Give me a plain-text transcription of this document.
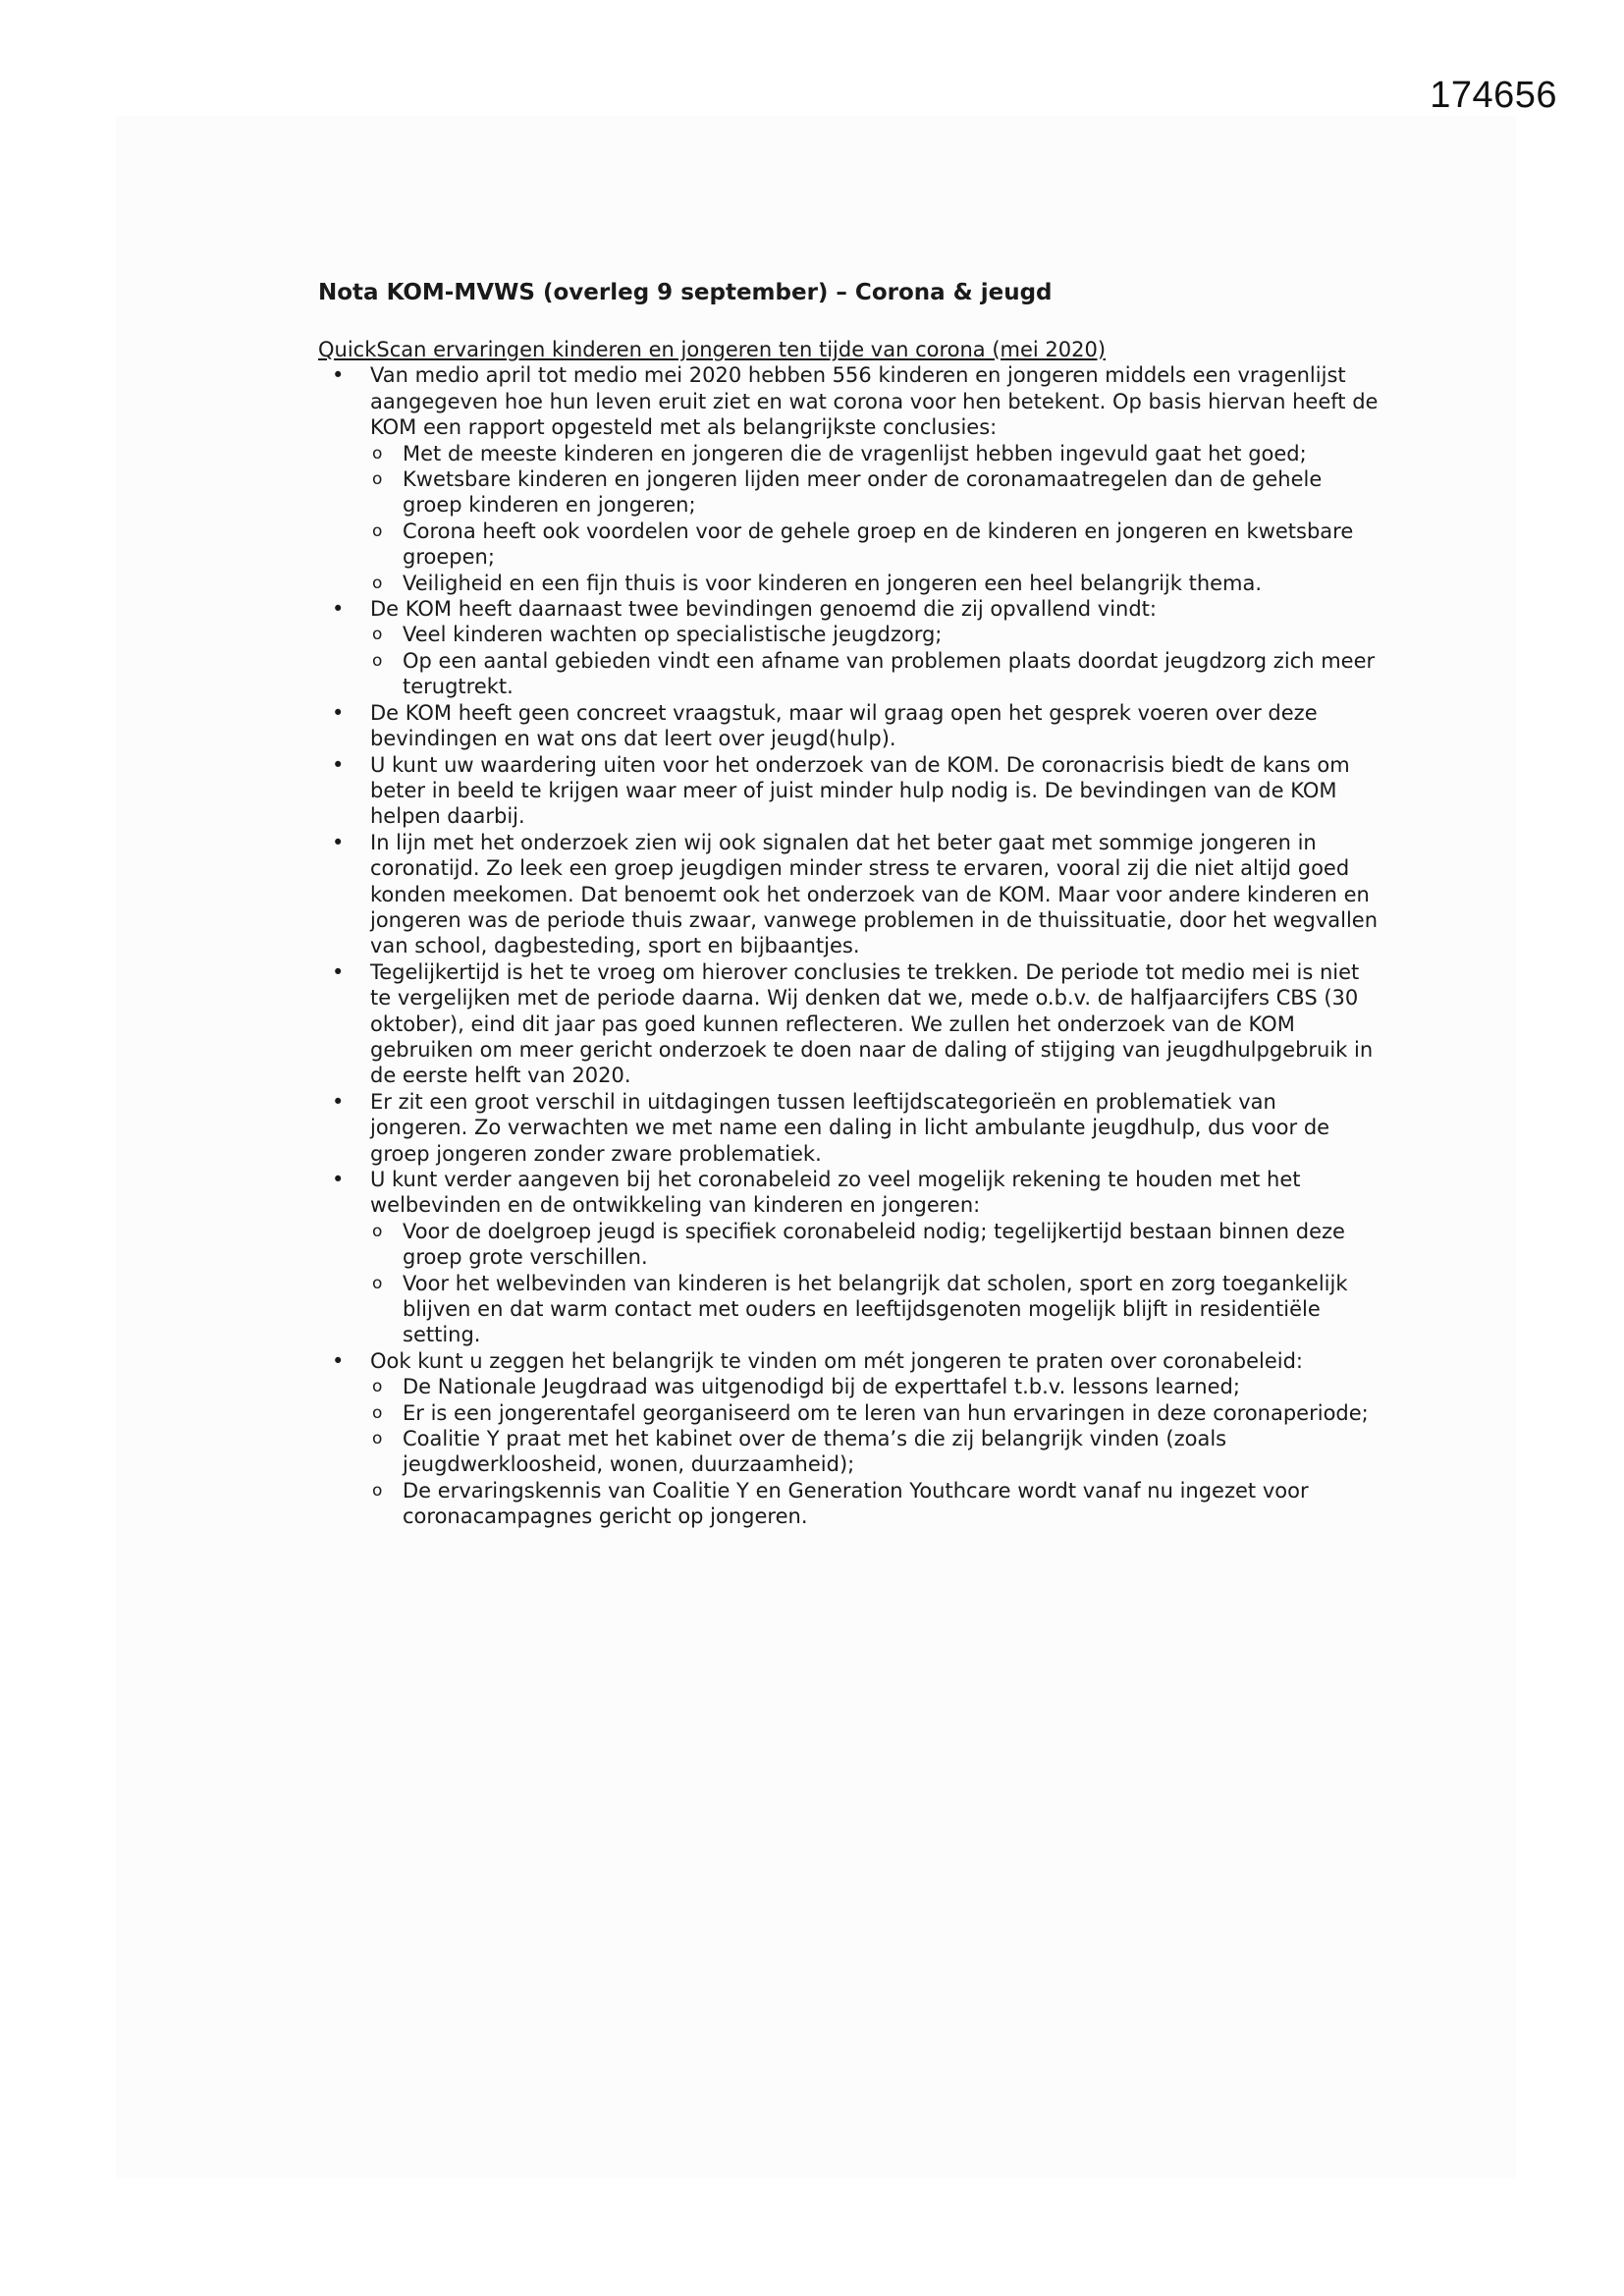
174656
Nota KOM-MVWS (overleg 9 september) – Corona & jeugd
QuickScan ervaringen kinderen en jongeren ten tijde van corona (mei 2020)
• Van medio april tot medio mei 2020 hebben 556 kinderen en jongeren middels een vragenlijst aangegeven hoe hun leven eruit ziet en wat corona voor hen betekent. Op basis hiervan heeft de KOM een rapport opgesteld met als belangrijkste conclusies:
o Met de meeste kinderen en jongeren die de vragenlijst hebben ingevuld gaat het goed;
o Kwetsbare kinderen en jongeren lijden meer onder de coronamaatregelen dan de gehele groep kinderen en jongeren;
o Corona heeft ook voordelen voor de gehele groep en de kinderen en jongeren en kwetsbare groepen;
o Veiligheid en een fijn thuis is voor kinderen en jongeren een heel belangrijk thema.
• De KOM heeft daarnaast twee bevindingen genoemd die zij opvallend vindt:
o Veel kinderen wachten op specialistische jeugdzorg;
o Op een aantal gebieden vindt een afname van problemen plaats doordat jeugdzorg zich meer terugtrekt.
• De KOM heeft geen concreet vraagstuk, maar wil graag open het gesprek voeren over deze bevindingen en wat ons dat leert over jeugd(hulp).
• U kunt uw waardering uiten voor het onderzoek van de KOM. De coronacrisis biedt de kans om beter in beeld te krijgen waar meer of juist minder hulp nodig is. De bevindingen van de KOM helpen daarbij.
• In lijn met het onderzoek zien wij ook signalen dat het beter gaat met sommige jongeren in coronatijd. Zo leek een groep jeugdigen minder stress te ervaren, vooral zij die niet altijd goed konden meekomen. Dat benoemt ook het onderzoek van de KOM. Maar voor andere kinderen en jongeren was de periode thuis zwaar, vanwege problemen in de thuissituatie, door het wegvallen van school, dagbesteding, sport en bijbaantjes.
• Tegelijkertijd is het te vroeg om hierover conclusies te trekken. De periode tot medio mei is niet te vergelijken met de periode daarna. Wij denken dat we, mede o.b.v. de halfjaarcijfers CBS (30 oktober), eind dit jaar pas goed kunnen reflecteren. We zullen het onderzoek van de KOM gebruiken om meer gericht onderzoek te doen naar de daling of stijging van jeugdhulpgebruik in de eerste helft van 2020.
• Er zit een groot verschil in uitdagingen tussen leeftijdscategorieën en problematiek van jongeren. Zo verwachten we met name een daling in licht ambulante jeugdhulp, dus voor de groep jongeren zonder zware problematiek.
• U kunt verder aangeven bij het coronabeleid zo veel mogelijk rekening te houden met het welbevinden en de ontwikkeling van kinderen en jongeren:
o Voor de doelgroep jeugd is specifiek coronabeleid nodig; tegelijkertijd bestaan binnen deze groep grote verschillen.
o Voor het welbevinden van kinderen is het belangrijk dat scholen, sport en zorg toegankelijk blijven en dat warm contact met ouders en leeftijdsgenoten mogelijk blijft in residentiële setting.
• Ook kunt u zeggen het belangrijk te vinden om mét jongeren te praten over coronabeleid:
o De Nationale Jeugdraad was uitgenodigd bij de experttafel t.b.v. lessons learned;
o Er is een jongerentafel georganiseerd om te leren van hun ervaringen in deze coronaperiode;
o Coalitie Y praat met het kabinet over de thema’s die zij belangrijk vinden (zoals jeugdwerkloosheid, wonen, duurzaamheid);
o De ervaringskennis van Coalitie Y en Generation Youthcare wordt vanaf nu ingezet voor coronacampagnes gericht op jongeren.
